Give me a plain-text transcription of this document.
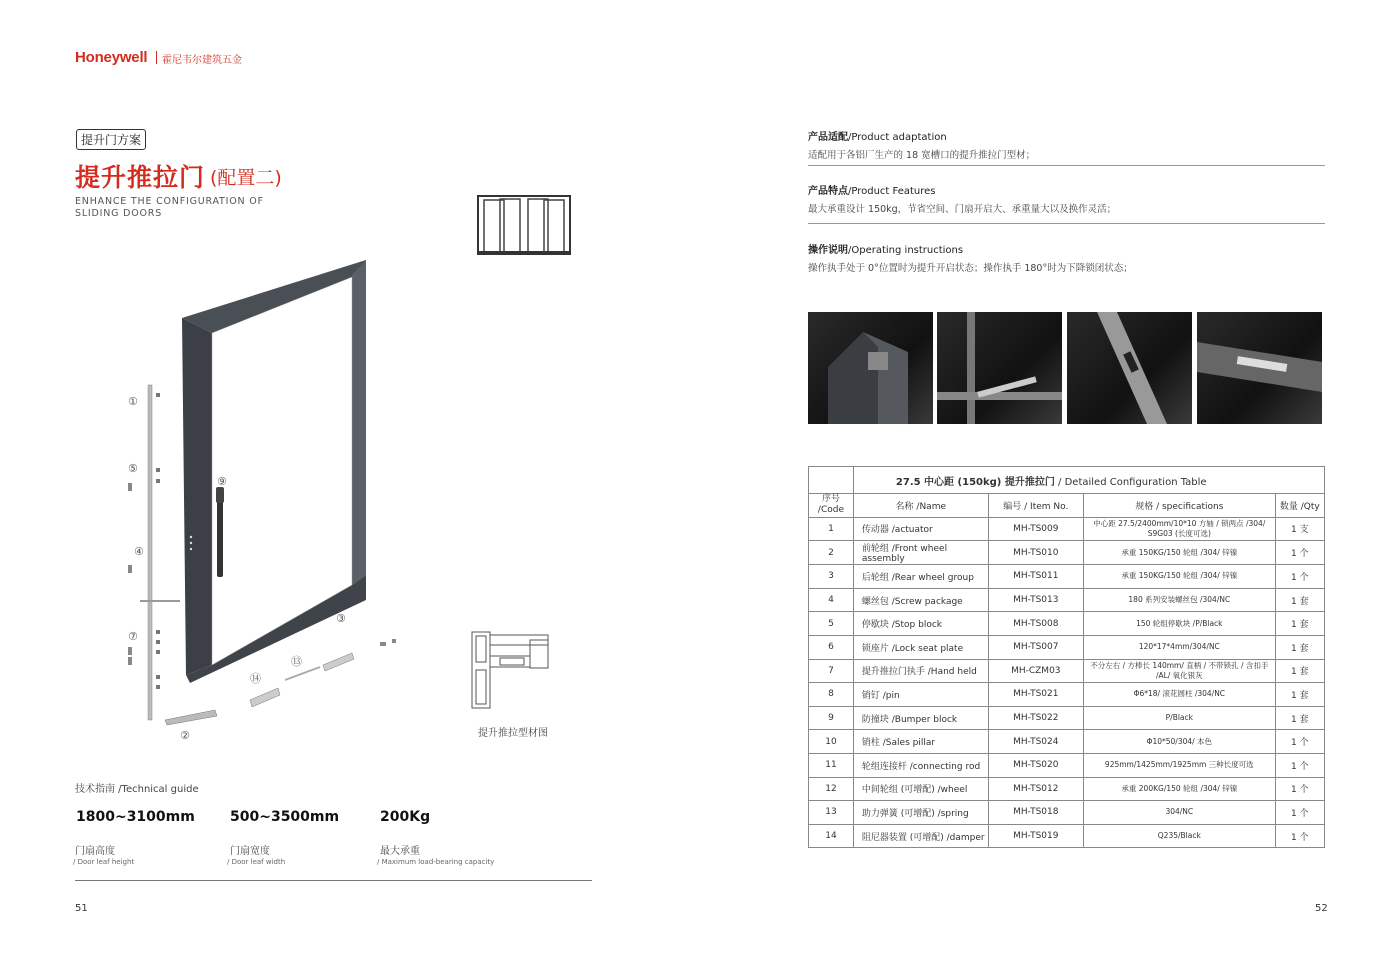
Honeywell 霍尼韦尔建筑五金
提升门方案
提升推拉门 (配置二)
ENHANCE THE CONFIGURATION OF
SLIDING DOORS
①
⑤
④
⑦
②
⑨
③
⑬
⑭
提升推拉型材图
技术指南 /Technical guide
1800~3100mm
门扇高度
/ Door leaf height
500~3500mm
门扇宽度
/ Door leaf width
200Kg
最大承重
/ Maximum load-bearing capacity
51
产品适配/Product adaptation
适配用于各铝厂生产的 18 宽槽口的提升推拉门型材；
产品特点/Product Features
最大承重设计 150kg，节省空间、门扇开启大、承重量大以及换作灵活；
操作说明/Operating instructions
操作执手处于 0°位置时为提升开启状态；操作执手 180°时为下降锁闭状态；
	27.5 中心距 (150kg) 提升推拉门 / Detailed Configuration Table			
序号 /Code	名称 /Name	编号 / Item No.	规格 / specifications	数量 /Qty
1	传动器 /actuator	MH-TS009	中心距 27.5/2400mm/10*10 方轴 / 锁两点 /304/ S9G03 (长度可选)	1 支
2	前轮组 /Front wheel assembly	MH-TS010	承重 150KG/150 轮组 /304/ 锌镍	1 个
3	后轮组 /Rear wheel group	MH-TS011	承重 150KG/150 轮组 /304/ 锌镍	1 个
4	螺丝包 /Screw package	MH-TS013	180 系列安装螺丝包 /304/NC	1 套
5	停歇块 /Stop block	MH-TS008	150 轮组停歇块 /P/Black	1 套
6	锁座片 /Lock seat plate	MH-TS007	120*17*4mm/304/NC	1 套
7	提升推拉门执手 /Hand held	MH-CZM03	不分左右 / 方棒长 140mm/ 直柄 / 不带锁孔 / 含扣手 /AL/ 氧化银灰	1 套
8	销钉 /pin	MH-TS021	Φ6*18/ 滚花圆柱 /304/NC	1 套
9	防撞块 /Bumper block	MH-TS022	P/Black	1 套
10	销柱 /Sales pillar	MH-TS024	Φ10*50/304/ 本色	1 个
11	轮组连接杆 /connecting rod	MH-TS020	925mm/1425mm/1925mm 三种长度可选	1 个
12	中间轮组 (可增配) /wheel	MH-TS012	承重 200KG/150 轮组 /304/ 锌镍	1 个
13	助力弹簧 (可增配) /spring	MH-TS018	304/NC	1 个
14	阻尼器装置 (可增配) /damper	MH-TS019	Q235/Black	1 个
52
